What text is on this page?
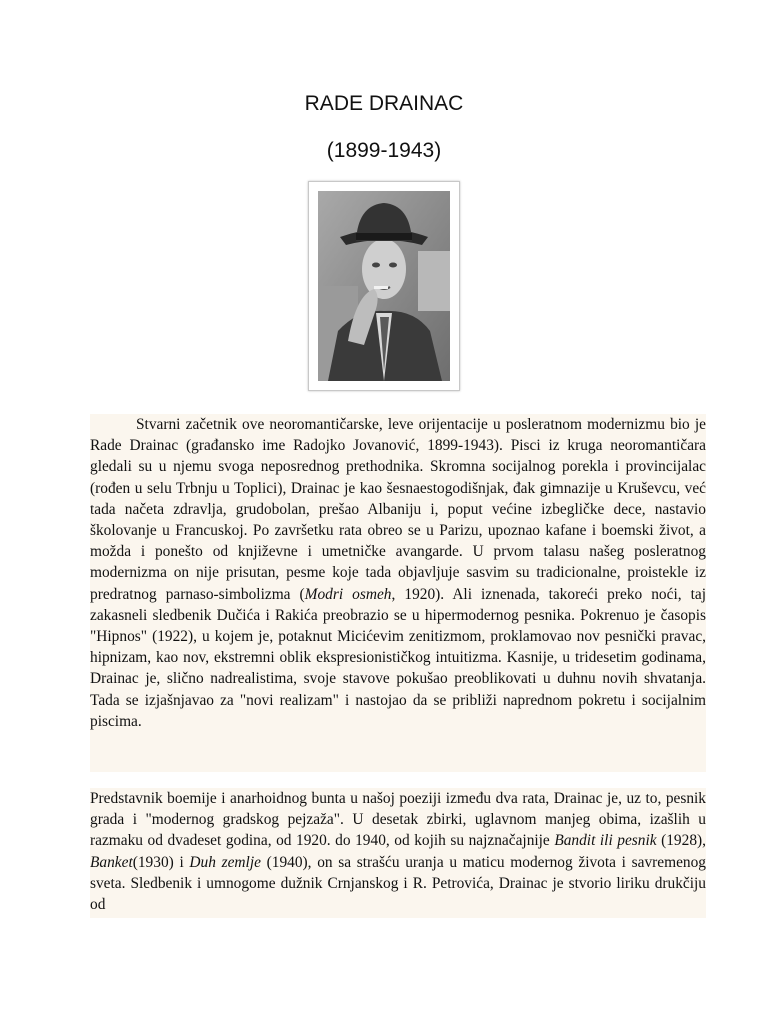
RADE DRAINAC
(1899-1943)
Stvarni začetnik ove neoromantičarske, leve orijentacije u posleratnom modernizmu bio je Rade Drainac (građansko ime Radojko Jovanović, 1899-1943). Pisci iz kruga neoromantičara gledali su u njemu svoga neposrednog prethodnika. Skromna socijalnog porekla i provincijalac (rođen u selu Trbnju u Toplici), Drainac je kao šesnaestogodišnjak, đak gimnazije u Kruševcu, već tada načeta zdravlja, grudobolan, prešao Albaniju i, poput većine izbegličke dece, nastavio školovanje u Francuskoj. Po završetku rata obreo se u Parizu, upoznao kafane i boemski život, a možda i ponešto od književne i umetničke avangarde. U prvom talasu našeg posleratnog modernizma on nije prisutan, pesme koje tada objavljuje sasvim su tradicionalne, proistekle iz predratnog parnaso-simbolizma (Modri osmeh, 1920). Ali iznenada, takoreći preko noći, taj zakasneli sledbenik Dučića i Rakića preobrazio se u hipermodernog pesnika. Pokrenuo je časopis "Hipnos" (1922), u kojem je, potaknut Micićevim zenitizmom, proklamovao nov pesnički pravac, hipnizam, kao nov, ekstremni oblik ekspresionističkog intuitizma. Kasnije, u tridesetim godinama, Drainac je, slično nadrealistima, svoje stavove pokušao preoblikovati u duhnu novih shvatanja. Tada se izjašnjavao za "novi realizam" i nastojao da se približi naprednom pokretu i socijalnim piscima.
Predstavnik boemije i anarhoidnog bunta u našoj poeziji između dva rata, Drainac je, uz to, pesnik grada i "modernog gradskog pejzaža". U desetak zbirki, uglavnom manjeg obima, izašlih u razmaku od dvadeset godina, od 1920. do 1940, od kojih su najznačajnije Bandit ili pesnik (1928), Banket(1930) i Duh zemlje (1940), on sa strašću uranja u maticu modernog života i savremenog sveta. Sledbenik i umnogome dužnik Crnjanskog i R. Petrovića, Drainac je stvorio liriku drukčiju od
